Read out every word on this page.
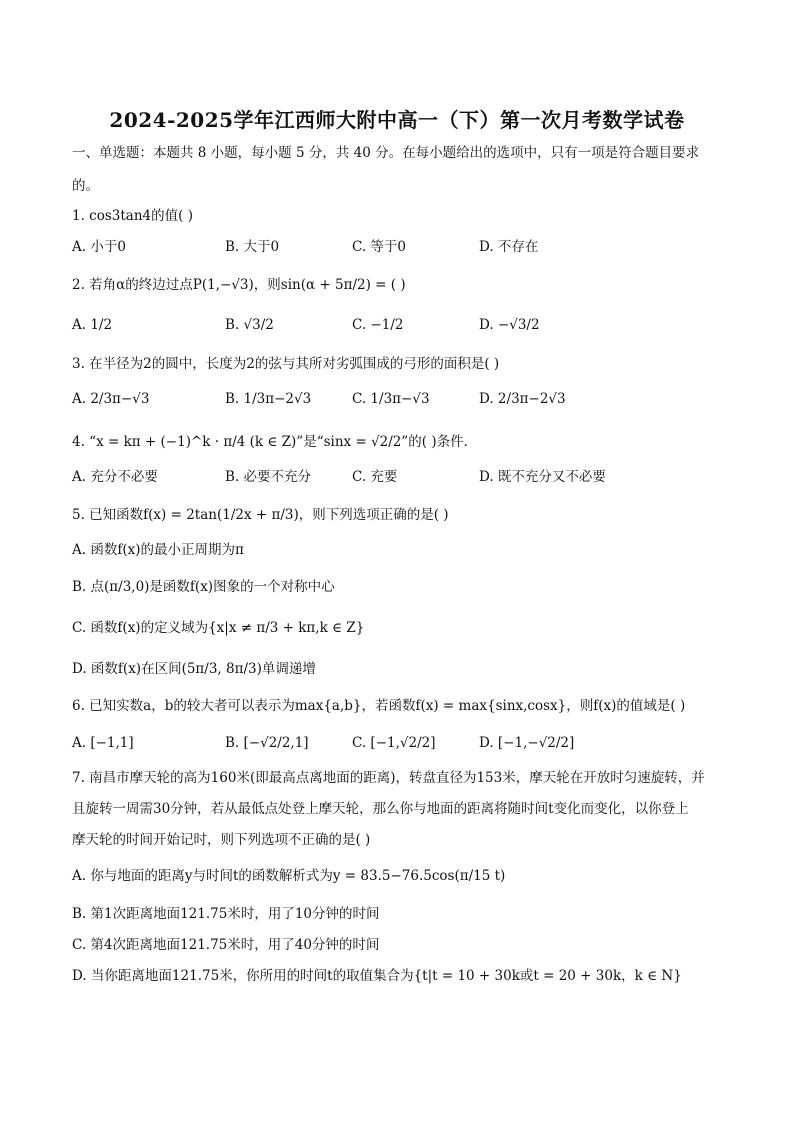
2024-2025学年江西师大附中高一（下）第一次月考数学试卷
一、单选题：本题共 8 小题，每小题 5 分，共 40 分。在每小题给出的选项中，只有一项是符合题目要求
的。
1. cos3tan4的值( )
A. 小于0	B. 大于0	C. 等于0	D. 不存在
2. 若角α的终边过点P(1,−√3)，则sin(α + 5π/2) = ( )
A. 1/2	B. √3/2	C. −1/2	D. −√3/2
3. 在半径为2的圆中，长度为2的弦与其所对劣弧围成的弓形的面积是( )
A. 2/3π−√3	B. 1/3π−2√3	C. 1/3π−√3	D. 2/3π−2√3
4. “x = kπ + (−1)^k · π/4 (k ∈ Z)”是“sinx = √2/2”的( )条件．
A. 充分不必要	B. 必要不充分	C. 充要	D. 既不充分又不必要
5. 已知函数f(x) = 2tan(1/2x + π/3)，则下列选项正确的是( )
A. 函数f(x)的最小正周期为π
B. 点(π/3,0)是函数f(x)图象的一个对称中心
C. 函数f(x)的定义域为{x|x ≠ π/3 + kπ,k ∈ Z}
D. 函数f(x)在区间(5π/3, 8π/3)单调递增
6. 已知实数a，b的较大者可以表示为max{a,b}，若函数f(x) = max{sinx,cosx}，则f(x)的值域是( )
A. [−1,1]	B. [−√2/2,1]	C. [−1,√2/2]	D. [−1,−√2/2]
7. 南昌市摩天轮的高为160米(即最高点离地面的距离)，转盘直径为153米，摩天轮在开放时匀速旋转，并
且旋转一周需30分钟，若从最低点处登上摩天轮，那么你与地面的距离将随时间t变化而变化，以你登上
摩天轮的时间开始记时，则下列选项不正确的是( )
A. 你与地面的距离y与时间t的函数解析式为y = 83.5−76.5cos(π/15 t)
B. 第1次距离地面121.75米时，用了10分钟的时间
C. 第4次距离地面121.75米时，用了40分钟的时间
D. 当你距离地面121.75米，你所用的时间t的取值集合为{t|t = 10 + 30k或t = 20 + 30k，k ∈ N}
